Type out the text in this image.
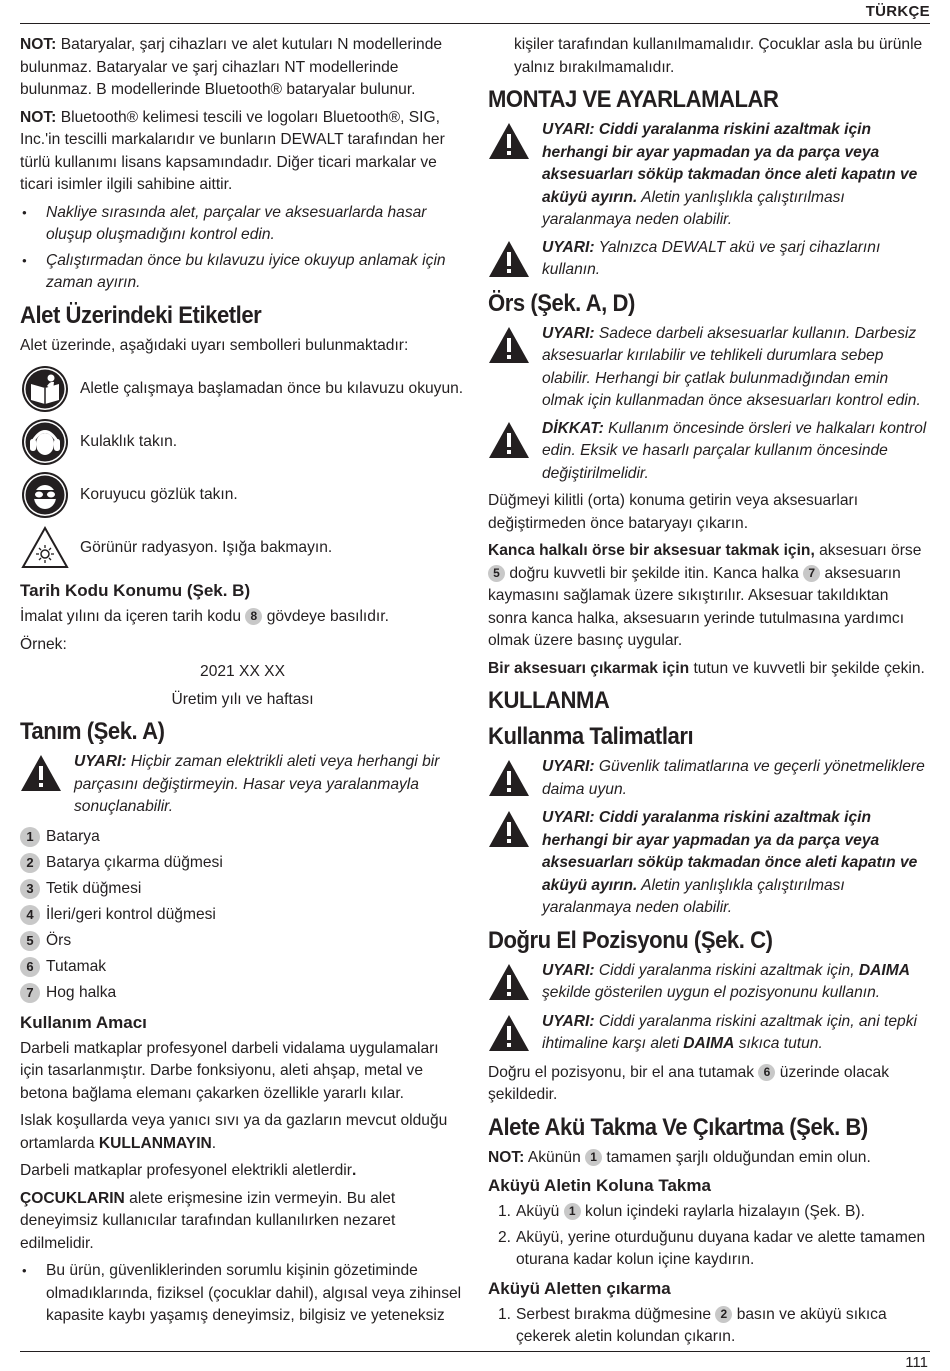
TÜRKÇE

NOT: Bataryalar, şarj cihazları ve alet kutuları N modellerinde bulunmaz. Bataryalar ve şarj cihazları NT modellerinde bulunmaz. B modellerinde Bluetooth® bataryalar bulunur.

NOT: Bluetooth® kelimesi tescili ve logoları Bluetooth®, SIG, Inc.'in tescilli markalarıdır ve bunların DEWALT tarafından her türlü kullanımı lisans kapsamındadır. Diğer ticari markalar ve ticari isimler ilgili sahibine aittir.

• Nakliye sırasında alet, parçalar ve aksesuarlarda hasar oluşup oluşmadığını kontrol edin.
• Çalıştırmadan önce bu kılavuzu iyice okuyup anlamak için zaman ayırın.
Alet Üzerindeki Etiketler

Alet üzerinde, aşağıdaki uyarı sembolleri bulunmaktadır:

Aletle çalışmaya başlamadan önce bu kılavuzu okuyun.
Kulaklık takın.
Koruyucu gözlük takın.
Görünür radyasyon. Işığa bakmayın.
Tarih Kodu Konumu (Şek. B)

İmalat yılını da içeren tarih kodu 8 gövdeye basılıdır.

Örnek:

2021 XX XX

Üretim yılı ve haftası

Tanım (Şek. A)
UYARI: Hiçbir zaman elektrikli aleti veya herhangi bir parçasını değiştirmeyin. Hasar veya yaralanmayla sonuçlanabilir.
1 Batarya
2 Batarya çıkarma düğmesi
3 Tetik düğmesi
4 İleri/geri kontrol düğmesi
5 Örs
6 Tutamak
7 Hog halka
Kullanım Amacı

Darbeli matkaplar profesyonel darbeli vidalama uygulamaları için tasarlanmıştır. Darbe fonksiyonu, aleti ahşap, metal ve betona bağlama elemanı çakarken özellikle yararlı kılar.

Islak koşullarda veya yanıcı sıvı ya da gazların mevcut olduğu ortamlarda KULLANMAYIN.

Darbeli matkaplar profesyonel elektrikli aletlerdir.

ÇOCUKLARIN alete erişmesine izin vermeyin. Bu alet deneyimsiz kullanıcılar tarafından kullanılırken nezaret edilmelidir.

• Bu ürün, güvenliklerinden sorumlu kişinin gözetiminde olmadıklarında, fiziksel (çocuklar dahil), algısal veya zihinsel kapasite kaybı yaşamış deneyimsiz, bilgisiz ve yeteneksiz

kişiler tarafından kullanılmamalıdır. Çocuklar asla bu ürünle yalnız bırakılmamalıdır.

MONTAJ VE AYARLAMALAR
UYARI: Ciddi yaralanma riskini azaltmak için herhangi bir ayar yapmadan ya da parça veya aksesuarları söküp takmadan önce aleti kapatın ve aküyü ayırın. Aletin yanlışlıkla çalıştırılması yaralanmaya neden olabilir.
UYARI: Yalnızca DEWALT akü ve şarj cihazlarını kullanın.
Örs (Şek. A, D)
UYARI: Sadece darbeli aksesuarlar kullanın. Darbesiz aksesuarlar kırılabilir ve tehlikeli durumlara sebep olabilir. Herhangi bir çatlak bulunmadığından emin olmak için kullanmadan önce aksesuarları kontrol edin.
DİKKAT: Kullanım öncesinde örsleri ve halkaları kontrol edin. Eksik ve hasarlı parçalar kullanım öncesinde değiştirilmelidir.

Düğmeyi kilitli (orta) konuma getirin veya aksesuarları değiştirmeden önce bataryayı çıkarın.

Kanca halkalı örse bir aksesuar takmak için, aksesuarı örse 5 doğru kuvvetli bir şekilde itin. Kanca halka 7 aksesuarın kaymasını sağlamak üzere sıkıştırılır. Aksesuar takıldıktan sonra kanca halka, aksesuarın yerinde tutulmasına yardımcı olmak üzere basınç uygular.

Bir aksesuarı çıkarmak için tutun ve kuvvetli bir şekilde çekin.

KULLANMA
Kullanma Talimatları
UYARI: Güvenlik talimatlarına ve geçerli yönetmeliklere daima uyun.
UYARI: Ciddi yaralanma riskini azaltmak için herhangi bir ayar yapmadan ya da parça veya aksesuarları söküp takmadan önce aleti kapatın ve aküyü ayırın. Aletin yanlışlıkla çalıştırılması yaralanmaya neden olabilir.
Doğru El Pozisyonu (Şek. C)
UYARI: Ciddi yaralanma riskini azaltmak için, DAIMA şekilde gösterilen uygun el pozisyonunu kullanın.
UYARI: Ciddi yaralanma riskini azaltmak için, ani tepki ihtimaline karşı aleti DAIMA sıkıca tutun.

Doğru el pozisyonu, bir el ana tutamak 6 üzerinde olacak şekildedir.

Alete Akü Takma Ve Çıkartma (Şek. B)

NOT: Akünün 1 tamamen şarjlı olduğundan emin olun.

Aküyü Aletin Koluna Takma
1. Aküyü 1 kolun içindeki raylarla hizalayın (Şek. B).
2. Aküyü, yerine oturduğunu duyana kadar ve alette tamamen oturana kadar kolun içine kaydırın.
Aküyü Aletten çıkarma
1. Serbest bırakma düğmesine 2 basın ve aküyü sıkıca çekerek aletin kolundan çıkarın.
111
